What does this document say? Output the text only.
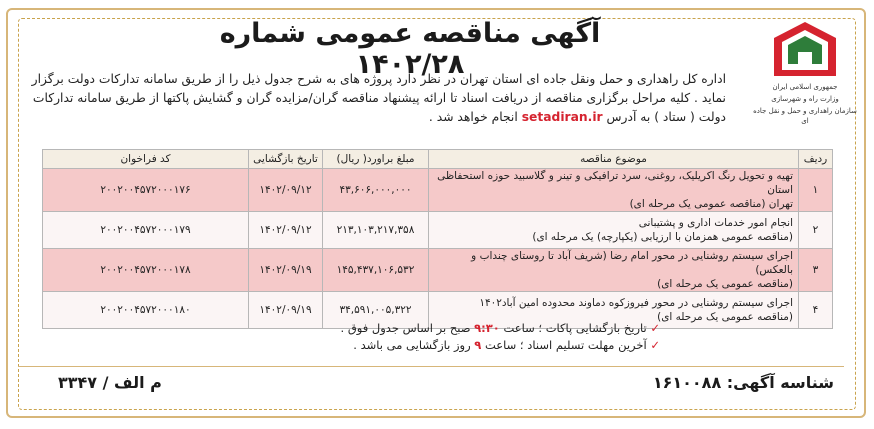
جمهوری اسلامی ایران
وزارت راه و شهرسازی
سازمان راهداری و حمل و نقل جاده ای
آگهی مناقصه عمومی شماره ۱۴۰۲/۲۸
اداره کل راهداری و حمل ونقل جاده ای استان تهران در نظر دارد پروژه های به شرح جدول ذیل را از طریق سامانه تدارکات دولت برگزار نماید . کلیه مراحل برگزاری مناقصه از دریافت اسناد تا ارائه پیشنهاد مناقصه گران/مزایده گران و گشایش پاکتها از طریق سامانه تدارکات دولت ( ستاد ) به آدرس setadiran.ir انجام خواهد شد .
ردیف	موضوع مناقصه	مبلغ براورد( ریال)	تاریخ بازگشایی	کد فراخوان
۱	تهیه و تحویل رنگ اکریلیک، روغنی، سرد ترافیکی و تینر و گلاسبید حوزه استحفاظی استان
تهران (مناقصه عمومی یک مرحله ای)	۴۳,۶۰۶,۰۰۰,۰۰۰	۱۴۰۲/۰۹/۱۲	۲۰۰۲۰۰۴۵۷۲۰۰۰۱۷۶
۲	انجام امور خدمات اداری و پشتیبانی
(مناقصه عمومی همزمان با ارزیابی (یکپارچه) یک مرحله ای)	۲۱۳,۱۰۳,۲۱۷,۳۵۸	۱۴۰۲/۰۹/۱۲	۲۰۰۲۰۰۴۵۷۲۰۰۰۱۷۹
۳	اجرای سیستم روشنایی در محور امام رضا (شریف آباد تا روستای چنداب و بالعکس)
(مناقصه عمومی یک مرحله ای)	۱۴۵,۴۳۷,۱۰۶,۵۳۲	۱۴۰۲/۰۹/۱۹	۲۰۰۲۰۰۴۵۷۲۰۰۰۱۷۸
۴	اجرای سیستم روشنایی در محور فیروزکوه دماوند محدوده امین آباد۱۴۰۲
(مناقصه عمومی یک مرحله ای)	۳۴,۵۹۱,۰۰۵,۳۲۲	۱۴۰۲/۰۹/۱۹	۲۰۰۲۰۰۴۵۷۲۰۰۰۱۸۰
✓ تاریخ بازگشایی پاکات ؛ ساعت ۹:۳۰ صبح بر اساس جدول فوق .
✓ آخرین مهلت تسلیم اسناد ؛ ساعت ۹ روز بازگشایی می باشد .
شناسه آگهی: ۱۶۱۰۰۸۸
م الف / ۳۳۴۷
